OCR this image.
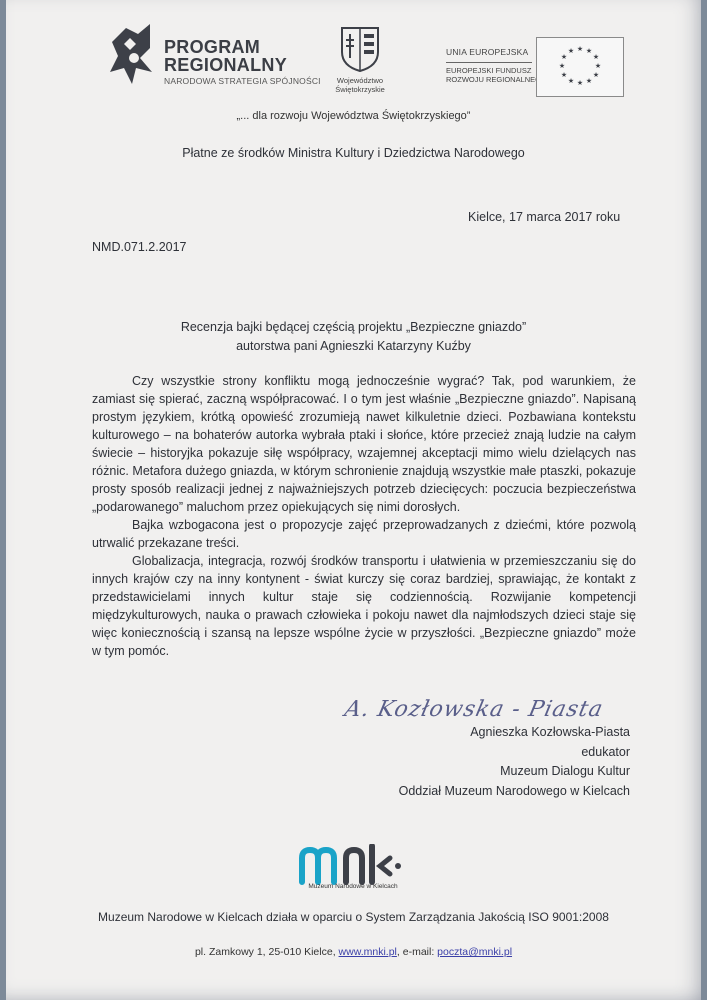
PROGRAM
REGIONALNY
NARODOWA STRATEGIA SPÓJNOŚCI	Województwo
Świętokrzyskie
UNIA EUROPEJSKA
EUROPEJSKI FUNDUSZ
ROZWOJU REGIONALNEGO
★ ★
★
★
★
★
★
★
★
★
★
★
„... dla rozwoju Województwa Świętokrzyskiego”
Płatne ze środków Ministra Kultury i Dziedzictwa Narodowego
Kielce, 17 marca 2017 roku
NMD.071.2.2017
Recenzja bajki będącej częścią projektu „Bezpieczne gniazdo”
autorstwa pani Agnieszki Katarzyny Kuźby

Czy wszystkie strony konfliktu mogą jednocześnie wygrać? Tak, pod warunkiem, że zamiast się spierać, zaczną współpracować. I o tym jest właśnie „Bezpieczne gniazdo”. Napisaną prostym językiem, krótką opowieść zrozumieją nawet kilkuletnie dzieci. Pozbawiana kontekstu kulturowego – na bohaterów autorka wybrała ptaki i słońce, które przecież znają ludzie na całym świecie – historyjka pokazuje siłę współpracy, wzajemnej akceptacji mimo wielu dzielących nas różnic. Metafora dużego gniazda, w którym schronienie znajdują wszystkie małe ptaszki, pokazuje prosty sposób realizacji jednej z najważniejszych potrzeb dziecięcych: poczucia bezpieczeństwa „podarowanego” maluchom przez opiekujących się nimi dorosłych.

Bajka wzbogacona jest o propozycje zajęć przeprowadzanych z dziećmi, które pozwolą utrwalić przekazane treści.

Globalizacja, integracja, rozwój środków transportu i ułatwienia w przemieszczaniu się do innych krajów czy na inny kontynent - świat kurczy się coraz bardziej, sprawiając, że kontakt z przedstawicielami innych kultur staje się codziennością. Rozwijanie kompetencji międzykulturowych, nauka o prawach człowieka i pokoju nawet dla najmłodszych dzieci staje się więc koniecznością i szansą na lepsze wspólne życie w przyszłości. „Bezpieczne gniazdo” może w tym pomóc.

A. Kozłowska - Piasta
Agnieszka Kozłowska-Piasta
edukator
Muzeum Dialogu Kultur
Oddział Muzeum Narodowego w Kielcach
Muzeum Narodowe w Kielcach
Muzeum Narodowe w Kielcach działa w oparciu o System Zarządzania Jakością ISO 9001:2008
pl. Zamkowy 1, 25-010 Kielce, www.mnki.pl, e-mail: poczta@mnki.pl
